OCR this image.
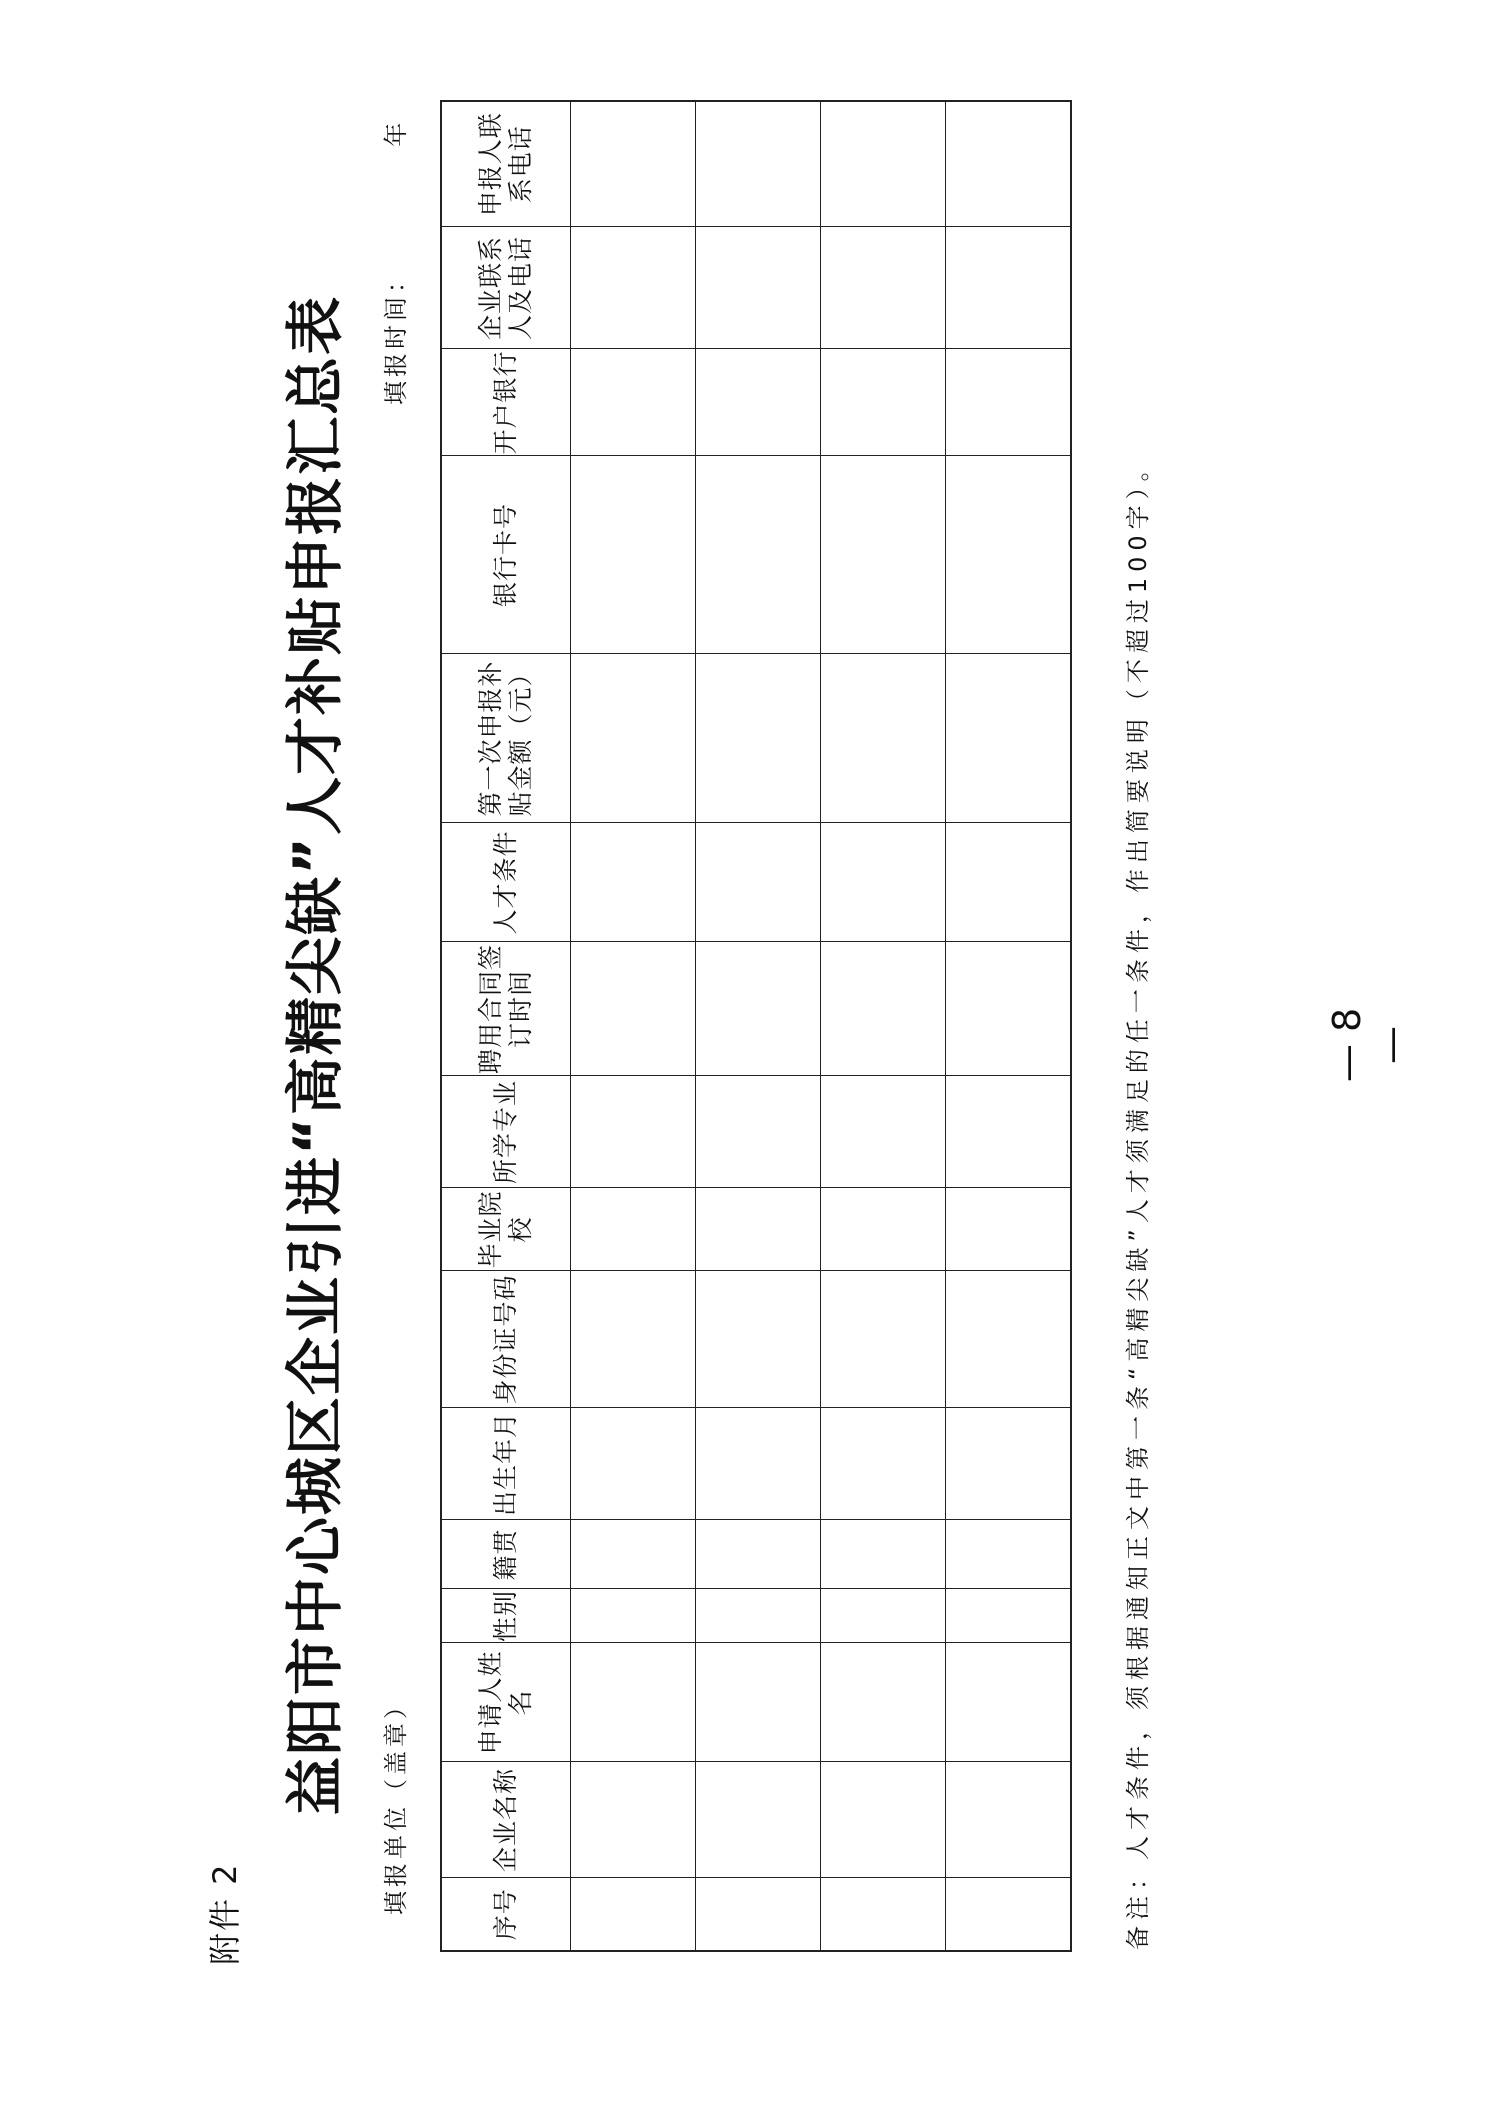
附件 2
益阳市中心城区企业引进“高精尖缺”人才补贴申报汇总表 填报单位（盖章）
填报时间：  年
序号	企业名称	申请人姓名	性别	籍贯	出生年月	身份证号码	毕业院校	所学专业	聘用合同签订时间	人才条件	第一次申报补贴金额（元）	银行卡号	开户银行	企业联系人及电话	申报人联系电话

备注：人才条件，须根据通知正文中第一条“高精尖缺”人才须满足的任一条件，作出简要说明（不超过100字）。	— 8 —
